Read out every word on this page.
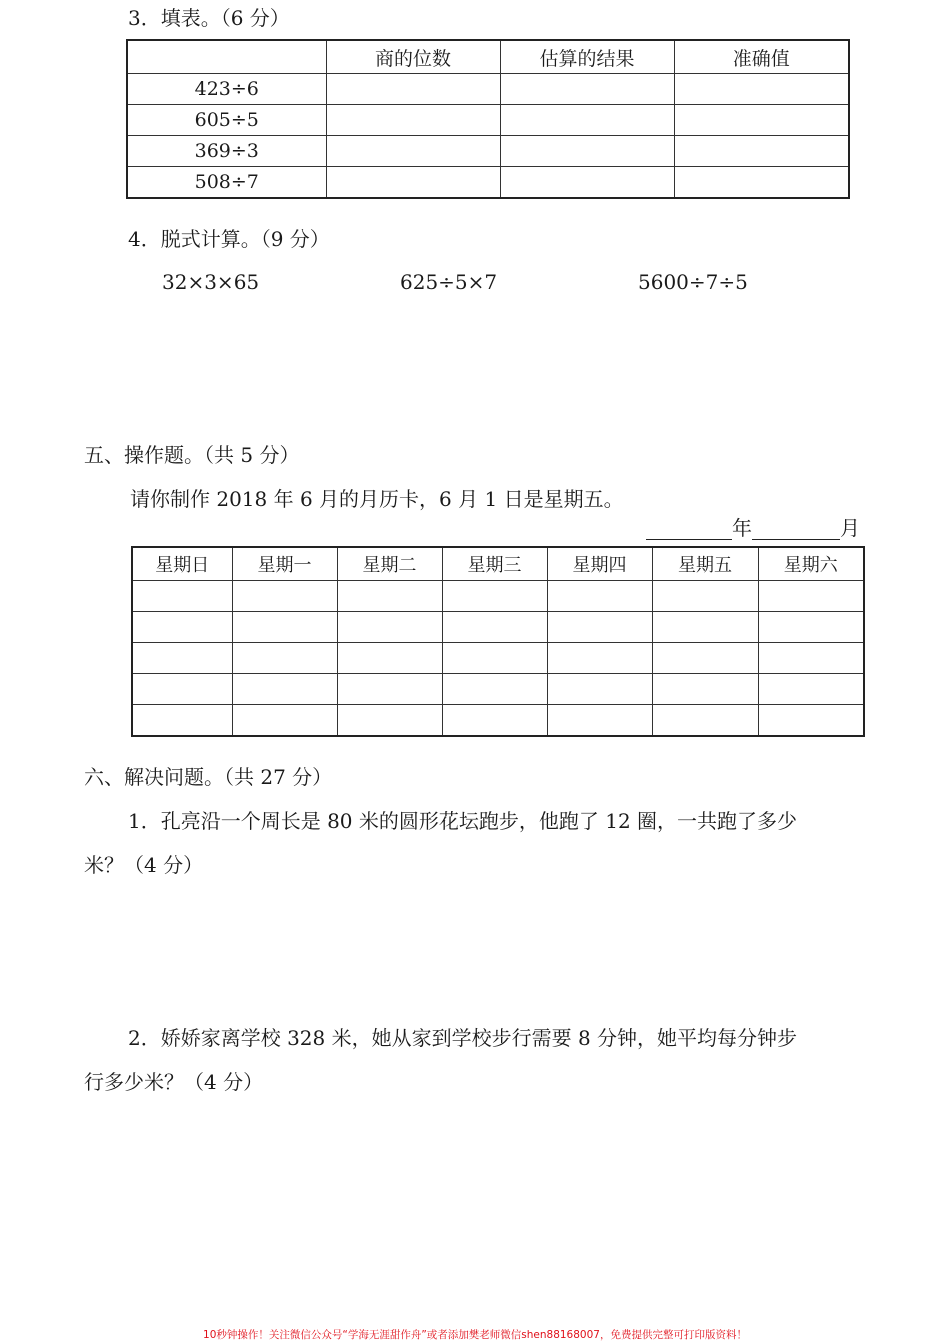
3．填表。（6 分）
	商的位数	估算的结果	准确值
423÷6			
605÷5			
369÷3			
508÷7			
4．脱式计算。（9 分）
32×3×65	625÷5×7	5600÷7÷5
五、操作题。（共 5 分）
请你制作 2018 年 6 月的月历卡，6 月 1 日是星期五。
年	月
星期日	星期一	星期二	星期三	星期四	星期五	星期六

六、解决问题。（共 27 分）
1．孔亮沿一个周长是 80 米的圆形花坛跑步，他跑了 12 圈，一共跑了多少
米？（4 分）
2．娇娇家离学校 328 米，她从家到学校步行需要 8 分钟，她平均每分钟步
行多少米？（4 分）
10秒钟操作！关注微信公众号“学海无涯甜作舟”或者添加樊老师微信shen88168007，免费提供完整可打印版资料！
